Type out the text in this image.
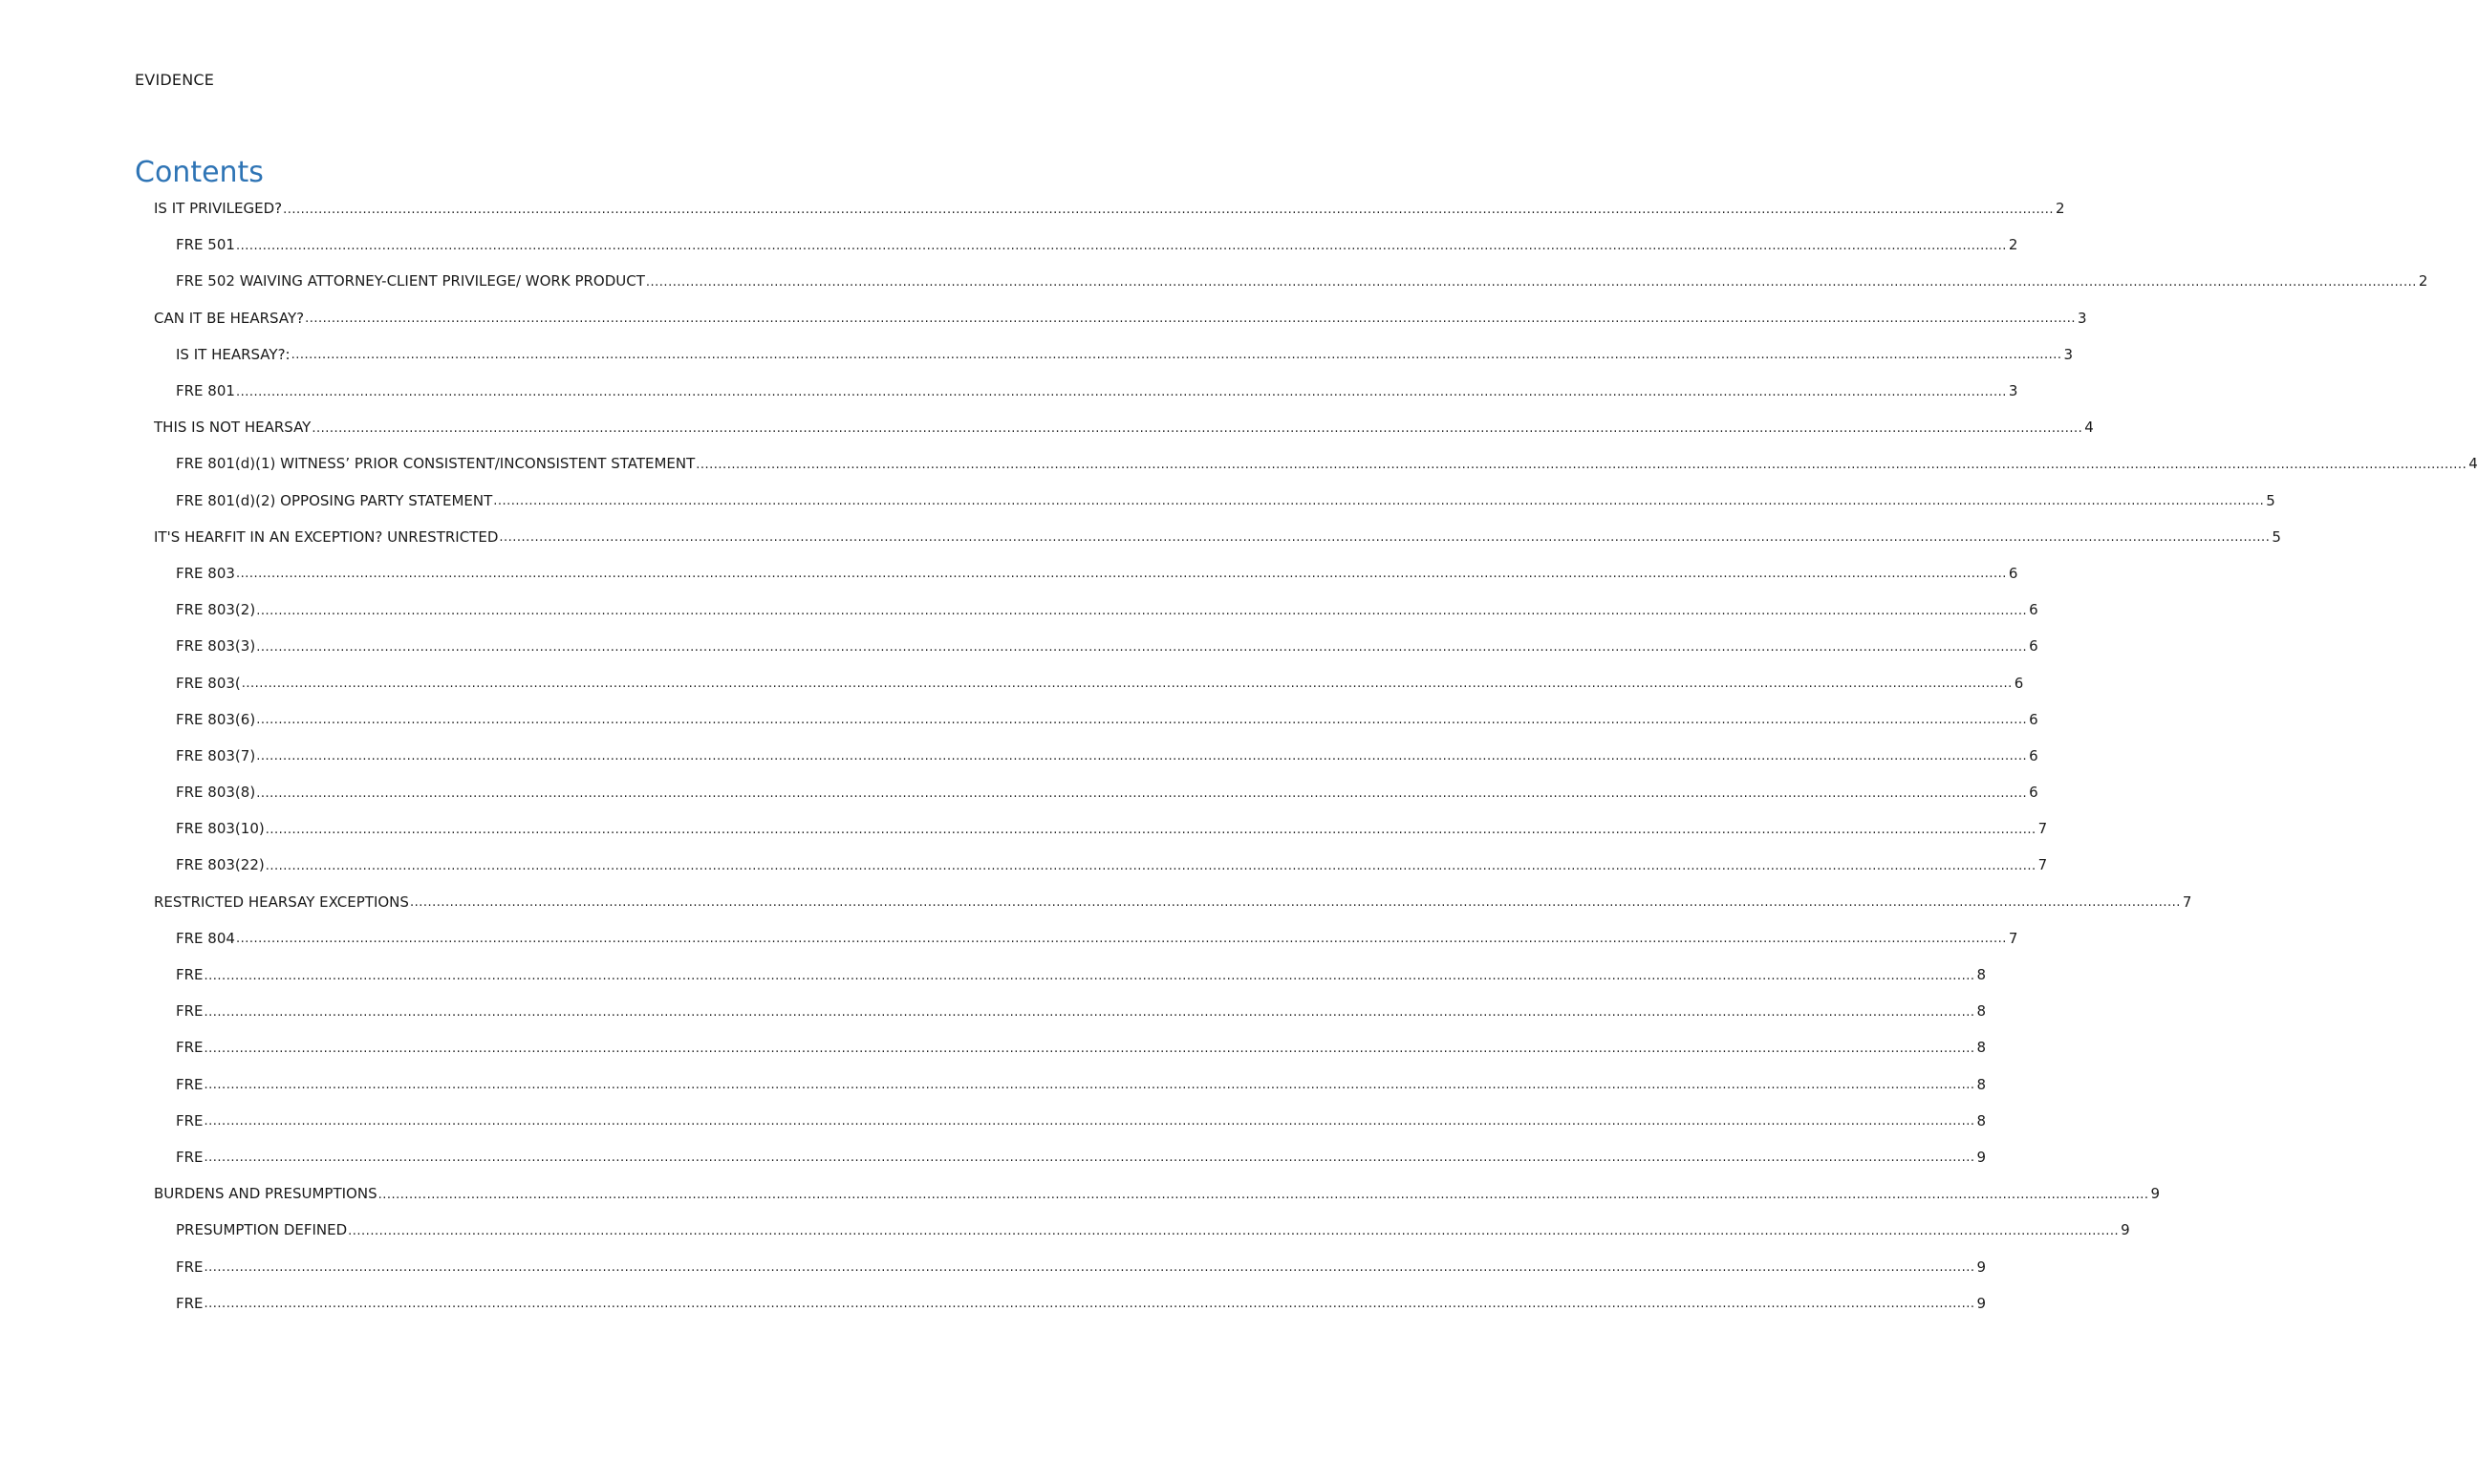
EVIDENCE
Contents
IS IT PRIVILEGED? ................................................................................................................................................................................................................................................................................................................................................................................................................ 2
FRE 501 ................................................................................................................................................................................................................................................................................................................................................................................................................ 2
FRE 502 WAIVING ATTORNEY-CLIENT PRIVILEGE/ WORK PRODUCT ................................................................................................................................................................................................................................................................................................................................................................................................................ 2
CAN IT BE HEARSAY? ................................................................................................................................................................................................................................................................................................................................................................................................................ 3
IS IT HEARSAY?: ................................................................................................................................................................................................................................................................................................................................................................................................................ 3
FRE 801 ................................................................................................................................................................................................................................................................................................................................................................................................................ 3
THIS IS NOT HEARSAY ................................................................................................................................................................................................................................................................................................................................................................................................................ 4
FRE 801(d)(1) WITNESS’ PRIOR CONSISTENT/INCONSISTENT STATEMENT ................................................................................................................................................................................................................................................................................................................................................................................................................ 4
FRE 801(d)(2) OPPOSING PARTY STATEMENT ................................................................................................................................................................................................................................................................................................................................................................................................................ 5
IT'S HEARFIT IN AN EXCEPTION? UNRESTRICTED ................................................................................................................................................................................................................................................................................................................................................................................................................ 5
FRE 803 ................................................................................................................................................................................................................................................................................................................................................................................................................ 6
FRE 803(2) ................................................................................................................................................................................................................................................................................................................................................................................................................ 6
FRE 803(3) ................................................................................................................................................................................................................................................................................................................................................................................................................ 6
FRE 803( ................................................................................................................................................................................................................................................................................................................................................................................................................ 6
FRE 803(6) ................................................................................................................................................................................................................................................................................................................................................................................................................ 6
FRE 803(7) ................................................................................................................................................................................................................................................................................................................................................................................................................ 6
FRE 803(8) ................................................................................................................................................................................................................................................................................................................................................................................................................ 6
FRE 803(10) ................................................................................................................................................................................................................................................................................................................................................................................................................ 7
FRE 803(22) ................................................................................................................................................................................................................................................................................................................................................................................................................ 7
RESTRICTED HEARSAY EXCEPTIONS ................................................................................................................................................................................................................................................................................................................................................................................................................ 7
FRE 804 ................................................................................................................................................................................................................................................................................................................................................................................................................ 7
FRE ................................................................................................................................................................................................................................................................................................................................................................................................................ 8
FRE ................................................................................................................................................................................................................................................................................................................................................................................................................ 8
FRE ................................................................................................................................................................................................................................................................................................................................................................................................................ 8
FRE ................................................................................................................................................................................................................................................................................................................................................................................................................ 8
FRE ................................................................................................................................................................................................................................................................................................................................................................................................................ 8
FRE ................................................................................................................................................................................................................................................................................................................................................................................................................ 9
BURDENS AND PRESUMPTIONS ................................................................................................................................................................................................................................................................................................................................................................................................................ 9
PRESUMPTION DEFINED ................................................................................................................................................................................................................................................................................................................................................................................................................ 9
FRE ................................................................................................................................................................................................................................................................................................................................................................................................................ 9
FRE ................................................................................................................................................................................................................................................................................................................................................................................................................ 9
